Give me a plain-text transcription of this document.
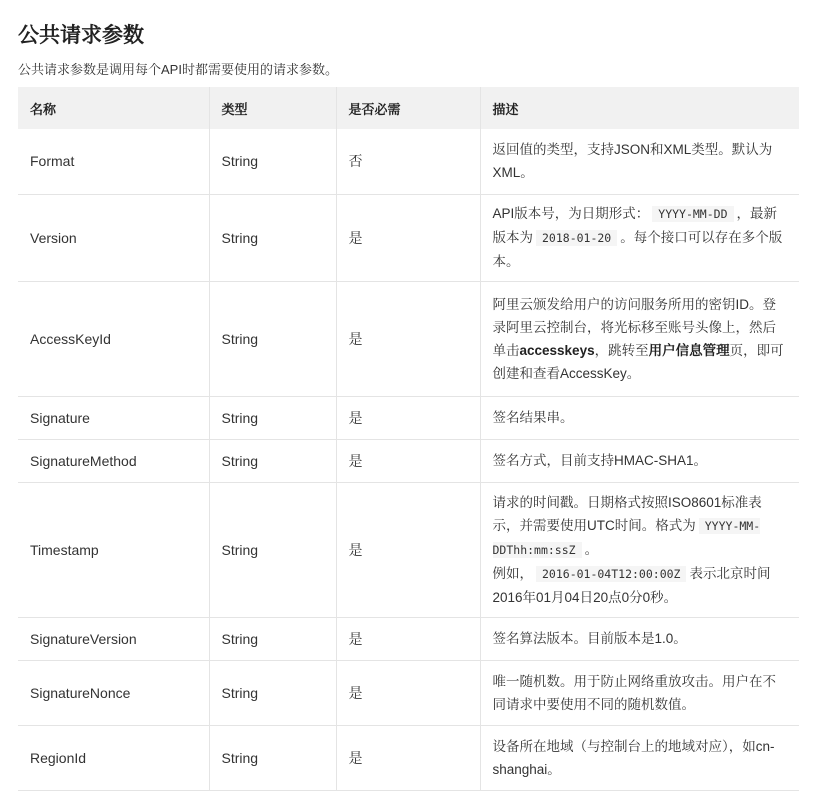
公共请求参数

公共请求参数是调用每个API时都需要使用的请求参数。

名称	类型	是否必需	描述
Format	String	否	返回值的类型，支持JSON和XML类型。默认为XML。
Version	String	是	API版本号，为日期形式： YYYY-MM-DD ，最新版本为 2018-01-20 。每个接口可以存在多个版本。
AccessKeyId	String	是	阿里云颁发给用户的访问服务所用的密钥ID。登录阿里云控制台，将光标移至账号头像上，然后单击accesskeys，跳转至用户信息管理页，即可创建和查看AccessKey。
Signature	String	是	签名结果串。
SignatureMethod	String	是	签名方式，目前支持HMAC-SHA1。
Timestamp	String	是	请求的时间戳。日期格式按照ISO8601标准表示，并需要使用UTC时间。格式为 YYYY-MM-DDThh:mm:ssZ 。
例如， 2016-01-04T12:00:00Z 表示北京时间2016年01月04日20点0分0秒。
SignatureVersion	String	是	签名算法版本。目前版本是1.0。
SignatureNonce	String	是	唯一随机数。用于防止网络重放攻击。用户在不同请求中要使用不同的随机数值。
RegionId	String	是	设备所在地域（与控制台上的地域对应），如cn-shanghai。
